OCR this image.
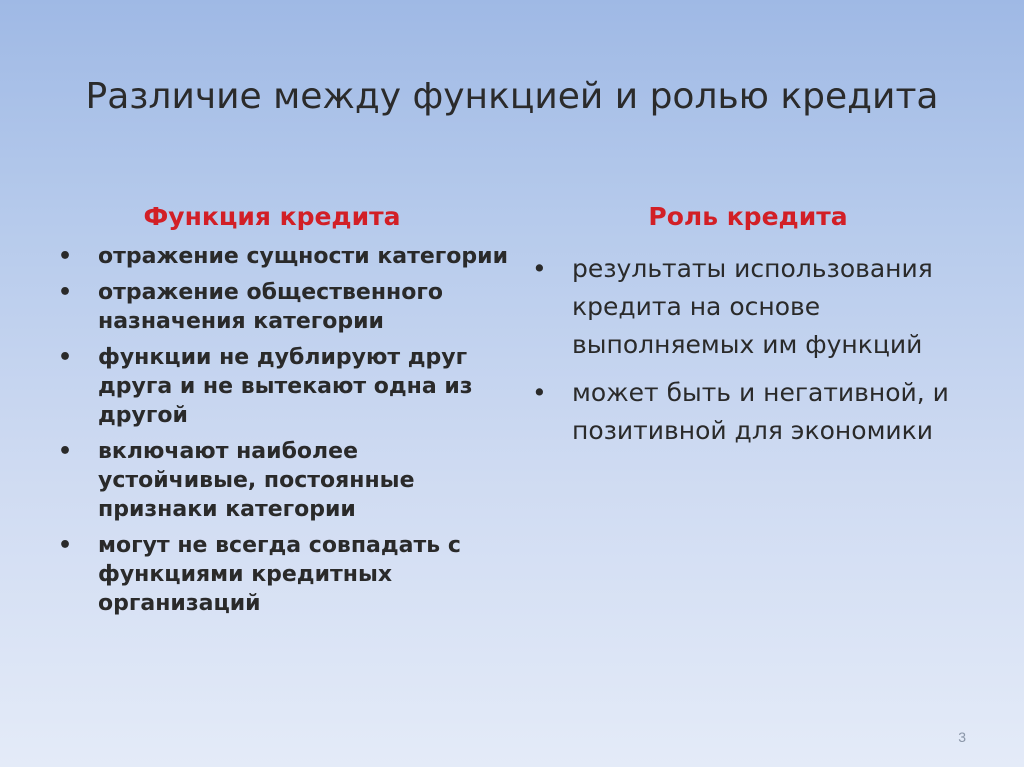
Различие между функцией и ролью кредита

Функция кредита

• отражение сущности категории
• отражение общественного назначения категории
• функции не дублируют друг друга и не вытекают одна из другой
• включают наиболее устойчивые, постоянные признаки категории
• могут не всегда совпадать с функциями кредитных организаций

Роль кредита

• результаты использования кредита на основе выполняемых им функций
• может быть и негативной, и позитивной для экономики
3
